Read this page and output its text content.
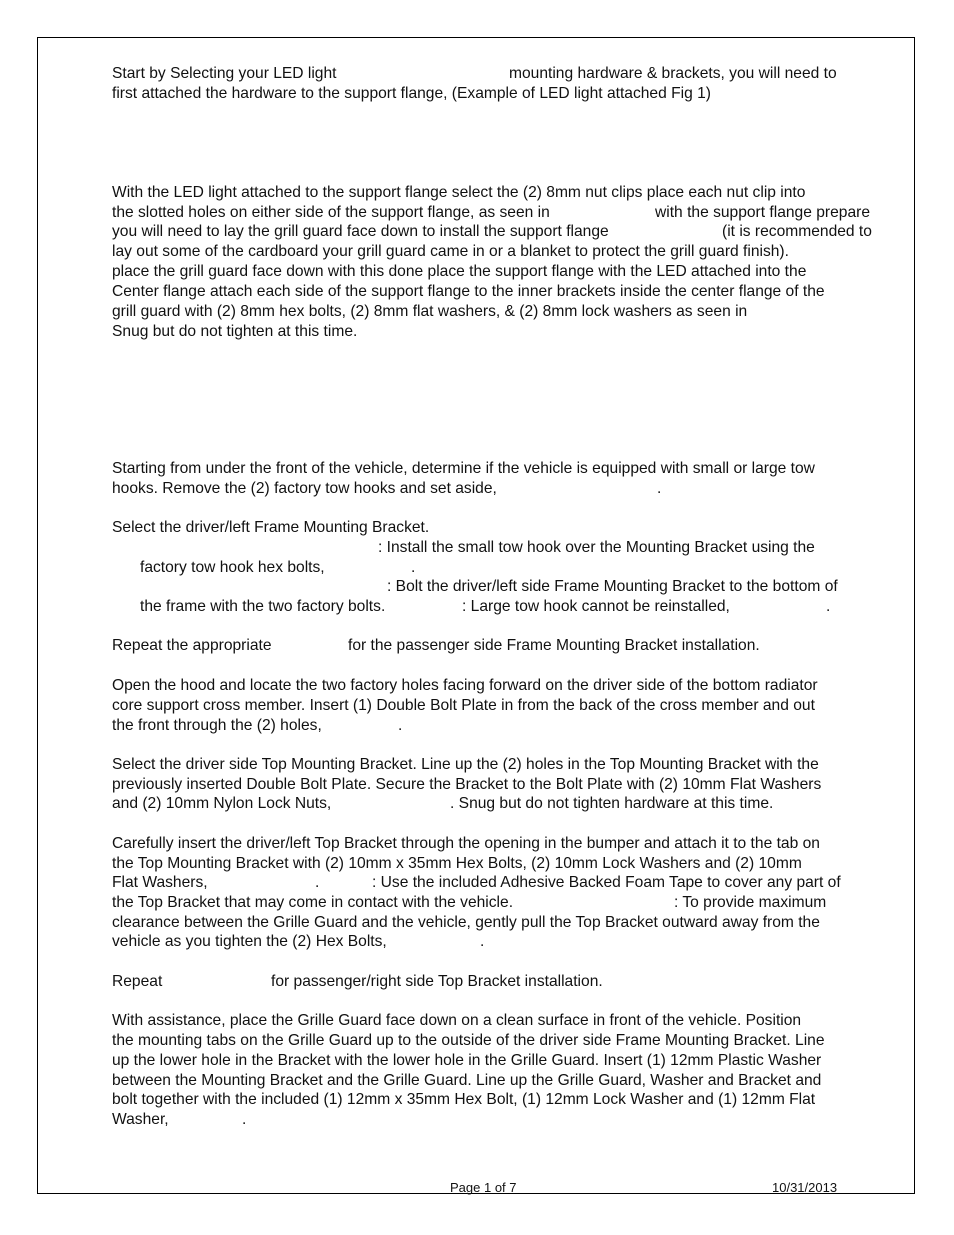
Start by Selecting your LED light	mounting hardware & brackets, you will need to
first attached the hardware to the support flange, (Example of LED light attached Fig 1)
With the LED light attached to the support flange select the (2) 8mm nut clips place each nut clip into
the slotted holes on either side of the support flange, as seen in	with the support flange prepare
you will need to lay the grill guard face down to install the support flange	(it is recommended to
lay out some of the cardboard your grill guard came in or a blanket to protect the grill guard finish).
place the grill guard face down with this done place the support flange with the LED attached into the
Center flange attach each side of the support flange to the inner brackets inside the center flange of the
grill guard with (2) 8mm hex bolts, (2) 8mm flat washers, & (2) 8mm lock washers as seen in
Snug but do not tighten at this time.
Starting from under the front of the vehicle, determine if the vehicle is equipped with small or large tow
hooks. Remove the (2) factory tow hooks and set aside,	.
Select the driver/left Frame Mounting Bracket.
: Install the small tow hook over the Mounting Bracket using the
factory tow hook hex bolts,	.
: Bolt the driver/left side Frame Mounting Bracket to the bottom of
the frame with the two factory bolts.	: Large tow hook cannot be reinstalled,	.
Repeat the appropriate	for the passenger side Frame Mounting Bracket installation.
Open the hood and locate the two factory holes facing forward on the driver side of the bottom radiator
core support cross member. Insert (1) Double Bolt Plate in from the back of the cross member and out
the front through the (2) holes,	.
Select the driver side Top Mounting Bracket. Line up the (2) holes in the Top Mounting Bracket with the
previously inserted Double Bolt Plate. Secure the Bracket to the Bolt Plate with (2) 10mm Flat Washers
and (2) 10mm Nylon Lock Nuts,	. Snug but do not tighten hardware at this time.
Carefully insert the driver/left Top Bracket through the opening in the bumper and attach it to the tab on
the Top Mounting Bracket with (2) 10mm x 35mm Hex Bolts, (2) 10mm Lock Washers and (2) 10mm
Flat Washers,	.	: Use the included Adhesive Backed Foam Tape to cover any part of
the Top Bracket that may come in contact with the vehicle.	: To provide maximum
clearance between the Grille Guard and the vehicle, gently pull the Top Bracket outward away from the
vehicle as you tighten the (2) Hex Bolts,	.
Repeat	for passenger/right side Top Bracket installation.
With assistance, place the Grille Guard face down on a clean surface in front of the vehicle. Position
the mounting tabs on the Grille Guard up to the outside of the driver side Frame Mounting Bracket. Line
up the lower hole in the Bracket with the lower hole in the Grille Guard. Insert (1) 12mm Plastic Washer
between the Mounting Bracket and the Grille Guard. Line up the Grille Guard, Washer and Bracket and
bolt together with the included (1) 12mm x 35mm Hex Bolt, (1) 12mm Lock Washer and (1) 12mm Flat
Washer,	.
Page 1 of 7	10/31/2013
